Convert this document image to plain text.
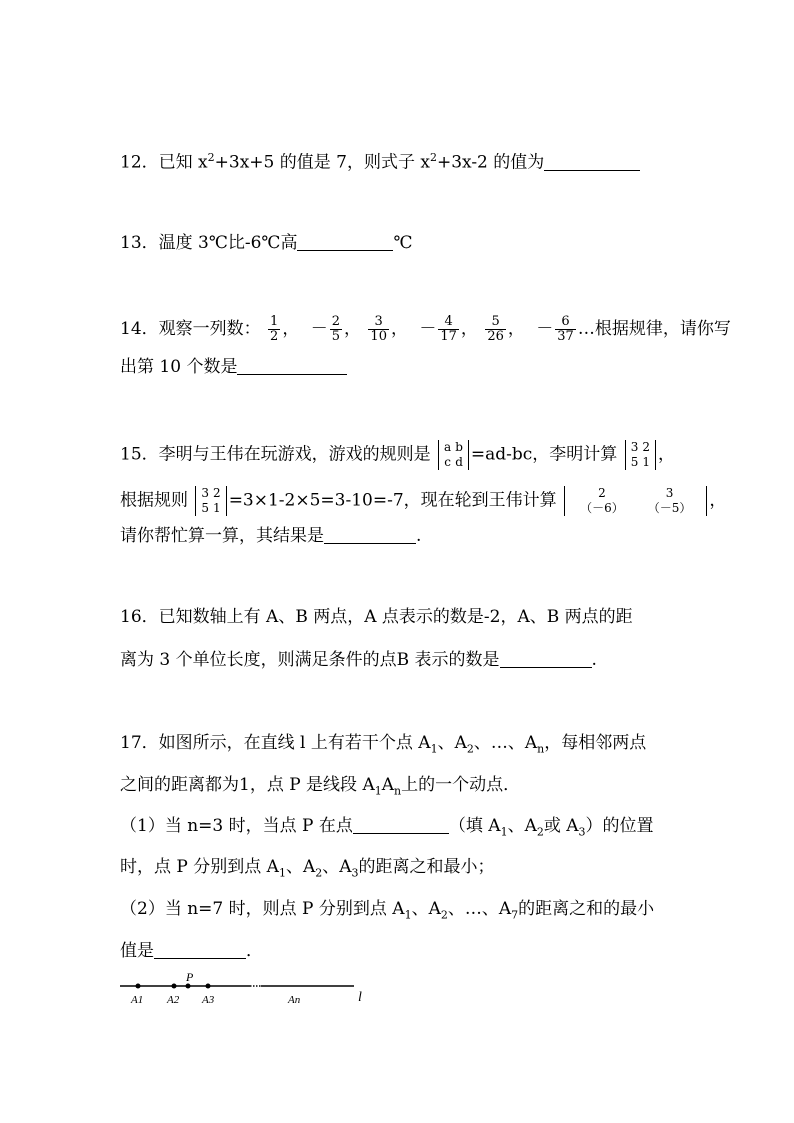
12．已知 $x^2+3x+5$ 的值是 7，则式子 $x^2+3x-2$ 的值为
13．温度 3℃比-6℃高	℃
14．观察一列数： $\frac{1}{2}$ ， － $\frac{2}{5}$ ， $\frac{3}{10}$ ， － $\frac{4}{17}$ ， $\frac{5}{26}$ ， － $\frac{6}{37}$ …根据规律，请你写
出第 10 个数是
15．李明与王伟在玩游戏，游戏的规则是 a	b
c	d =ad-bc，李明计算 3	2
5	1 ，
根据规则 3	2
5	1 =3×1-2×5=3-10=-7，现在轮到王伟计算	2	3
（－6）	（－5） ，
请你帮忙算一算，其结果是	.
16．已知数轴上有 A、B 两点，A 点表示的数是-2，A、B 两点的距
离为 3 个单位长度，则满足条件的点B 表示的数是	.
17．如图所示，在直线 l 上有若干个点 $A_1$、$A_2$、…、$A_n$，每相邻两点
之间的距离都为1，点 P 是线段 $A_1A_n$上的一个动点．
（1）当 n=3 时，当点 P 在点	（填 $A_1$、$A_2$或 $A_3$）的位置
时，点 P 分别到点 $A_1$、$A_2$、$A_3$的距离之和最小；
（2）当 n=7 时，则点 P 分别到点 $A_1$、$A_2$、…、$A_7$的距离之和的最小
值是	．
P
A1 A2 A3	An	l
